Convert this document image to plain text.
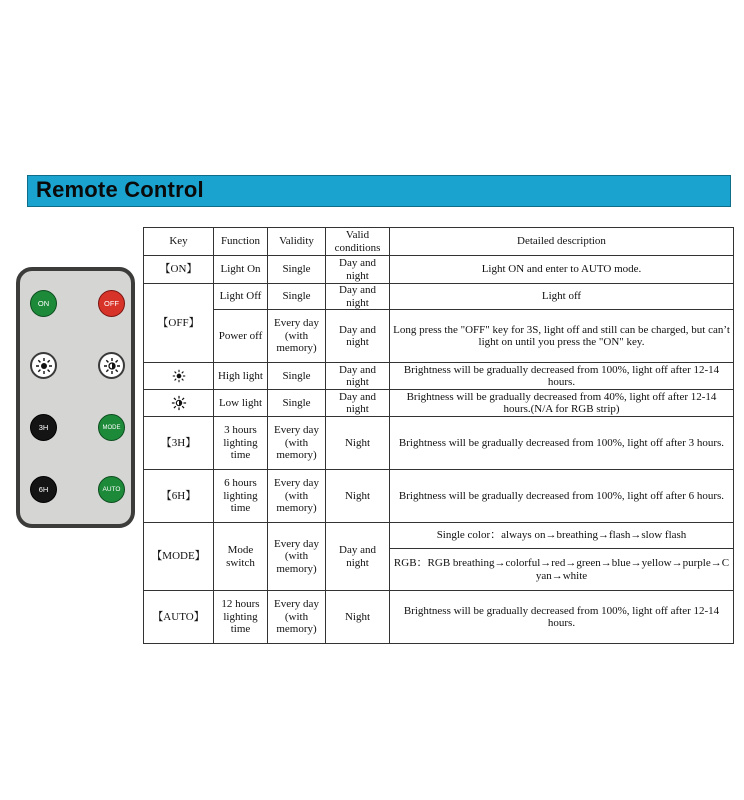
Remote Control
ON	OFF
3H	MODE
6H	AUTO
Key	Function	Validity	Valid conditions	Detailed description
【ON】	Light On	Single	Day and night	Light ON and enter to AUTO mode.
【OFF】	Light Off	Single	Day and night	Light off
	Power off	Every day (with memory)	Day and night	Long press the "OFF" key for 3S, light off and still can be charged, but can’t light on until you press the "ON" key.

	High light	Single	Day and night	Brightness will be gradually decreased from 100%, light off after 12-14 hours.

	Low light	Single	Day and night	Brightness will be gradually decreased from 40%, light off after 12-14 hours.(N/A for RGB strip)
【3H】	3 hours lighting time	Every day (with memory)	Night	Brightness will be gradually decreased from 100%, light off after 3 hours.
【6H】	6 hours lighting time	Every day (with memory)	Night	Brightness will be gradually decreased from 100%, light off after 6 hours.
【MODE】	Mode switch	Every day (with memory)	Day and night	Single color：always on→breathing→flash→slow flash
				RGB：RGB breathing→colorful→red→green→blue→yellow→purple→Cyan→white
【AUTO】	12 hours lighting time	Every day (with memory)	Night	Brightness will be gradually decreased from 100%, light off after 12-14 hours.
